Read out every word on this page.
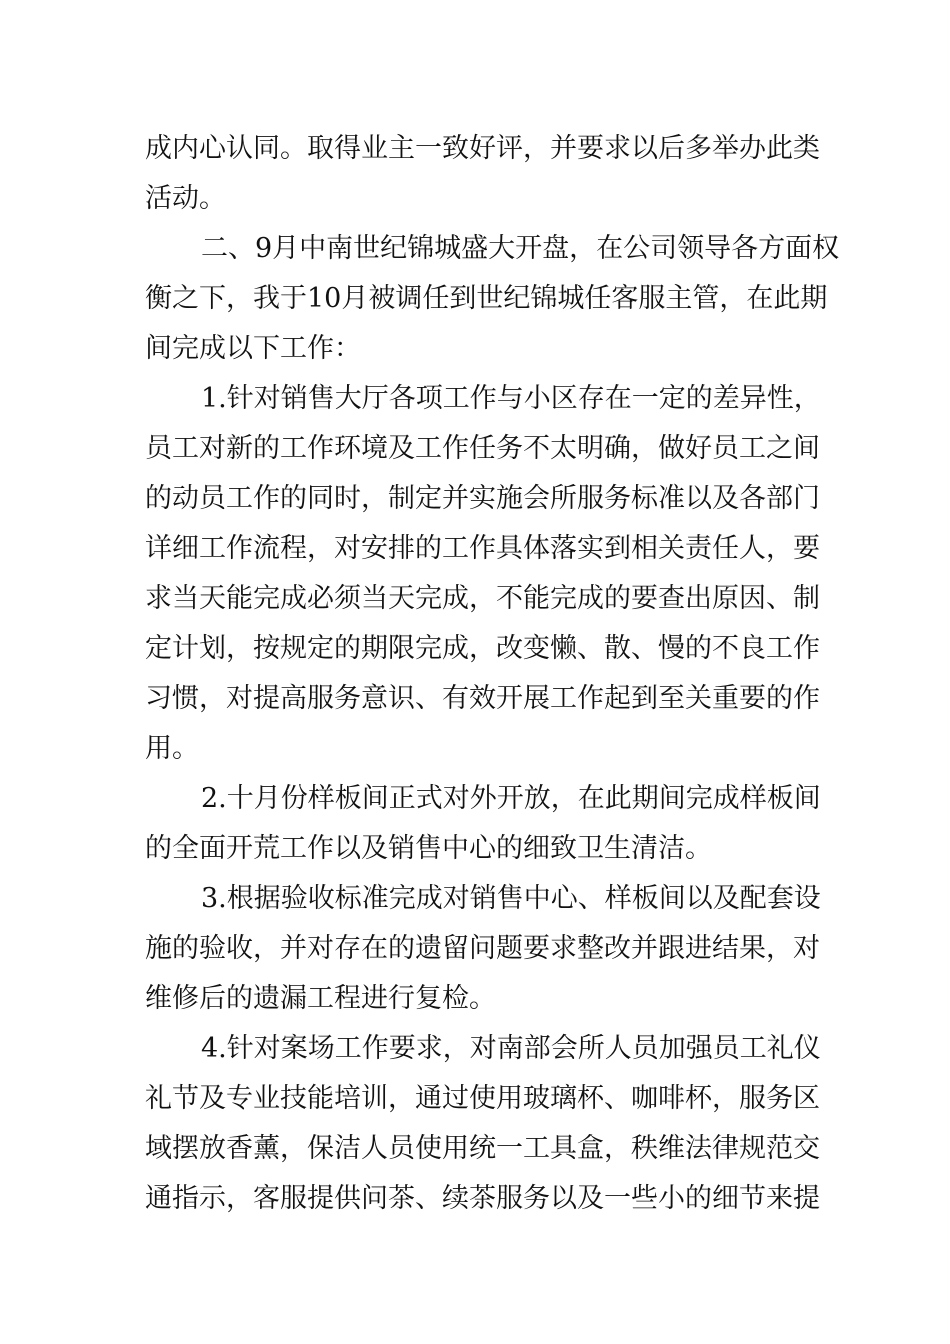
成内心认同。取得业主一致好评，并要求以后多举办此类
活动。
二、9月中南世纪锦城盛大开盘，在公司领导各方面权
衡之下，我于10月被调任到世纪锦城任客服主管，在此期
间完成以下工作：
1.针对销售大厅各项工作与小区存在一定的差异性，
员工对新的工作环境及工作任务不太明确，做好员工之间
的动员工作的同时，制定并实施会所服务标准以及各部门
详细工作流程，对安排的工作具体落实到相关责任人，要
求当天能完成必须当天完成，不能完成的要查出原因、制
定计划，按规定的期限完成，改变懒、散、慢的不良工作
习惯，对提高服务意识、有效开展工作起到至关重要的作
用。
2.十月份样板间正式对外开放，在此期间完成样板间
的全面开荒工作以及销售中心的细致卫生清洁。
3.根据验收标准完成对销售中心、样板间以及配套设
施的验收，并对存在的遗留问题要求整改并跟进结果，对
维修后的遗漏工程进行复检。
4.针对案场工作要求，对南部会所人员加强员工礼仪
礼节及专业技能培训，通过使用玻璃杯、咖啡杯，服务区
域摆放香薰，保洁人员使用统一工具盒，秩维法律规范交
通指示，客服提供问茶、续茶服务以及一些小的细节来提
